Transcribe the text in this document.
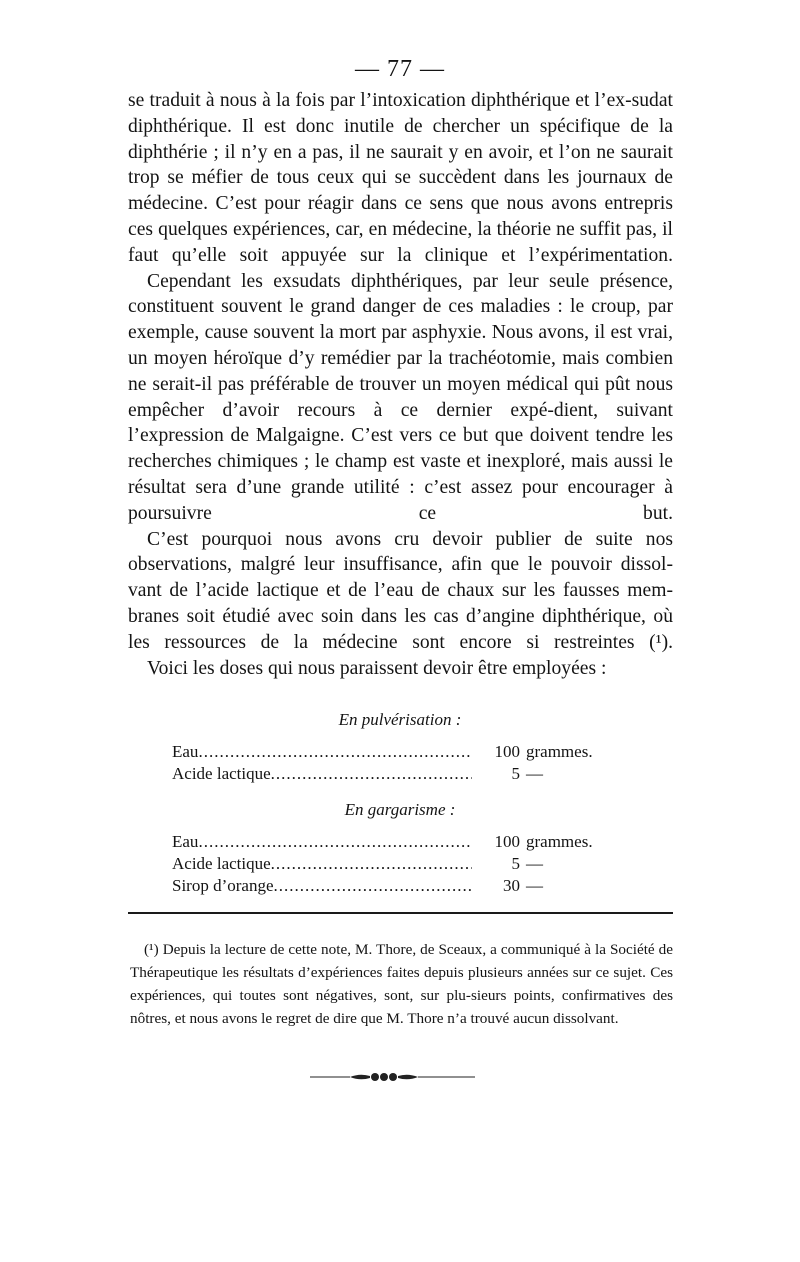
— 77 —

se traduit à nous à la fois par l’intoxication diphthérique et l’ex-sudat diphthérique. Il est donc inutile de chercher un spécifique de la diphthérie ; il n’y en a pas, il ne saurait y en avoir, et l’on ne saurait trop se méfier de tous ceux qui se succèdent dans les journaux de médecine. C’est pour réagir dans ce sens que nous avons entrepris ces quelques expériences, car, en médecine, la théorie ne suffit pas, il faut qu’elle soit appuyée sur la clinique et l’expérimentation.

Cependant les exsudats diphthériques, par leur seule présence, constituent souvent le grand danger de ces maladies : le croup, par exemple, cause souvent la mort par asphyxie. Nous avons, il est vrai, un moyen héroïque d’y remédier par la trachéotomie, mais combien ne serait-il pas préférable de trouver un moyen médical qui pût nous empêcher d’avoir recours à ce dernier expé-dient, suivant l’expression de Malgaigne. C’est vers ce but que doivent tendre les recherches chimiques ; le champ est vaste et inexploré, mais aussi le résultat sera d’une grande utilité : c’est assez pour encourager à poursuivre ce but.

C’est pourquoi nous avons cru devoir publier de suite nos observations, malgré leur insuffisance, afin que le pouvoir dissol-vant de l’acide lactique et de l’eau de chaux sur les fausses mem-branes soit étudié avec soin dans les cas d’angine diphthérique, où les ressources de la médecine sont encore si restreintes (¹).

Voici les doses qui nous paraissent devoir être employées :

En pulvérisation :
Eau .....	100 grammes.
Acide lactique .....	5 —
En gargarisme :
Eau .....	100 grammes.
Acide lactique .....	5 —
Sirop d’orange .....	30 —

(¹) Depuis la lecture de cette note, M. Thore, de Sceaux, a communiqué à la Société de Thérapeutique les résultats d’expériences faites depuis plusieurs années sur ce sujet. Ces expériences, qui toutes sont négatives, sont, sur plu-sieurs points, confirmatives des nôtres, et nous avons le regret de dire que M. Thore n’a trouvé aucun dissolvant.
